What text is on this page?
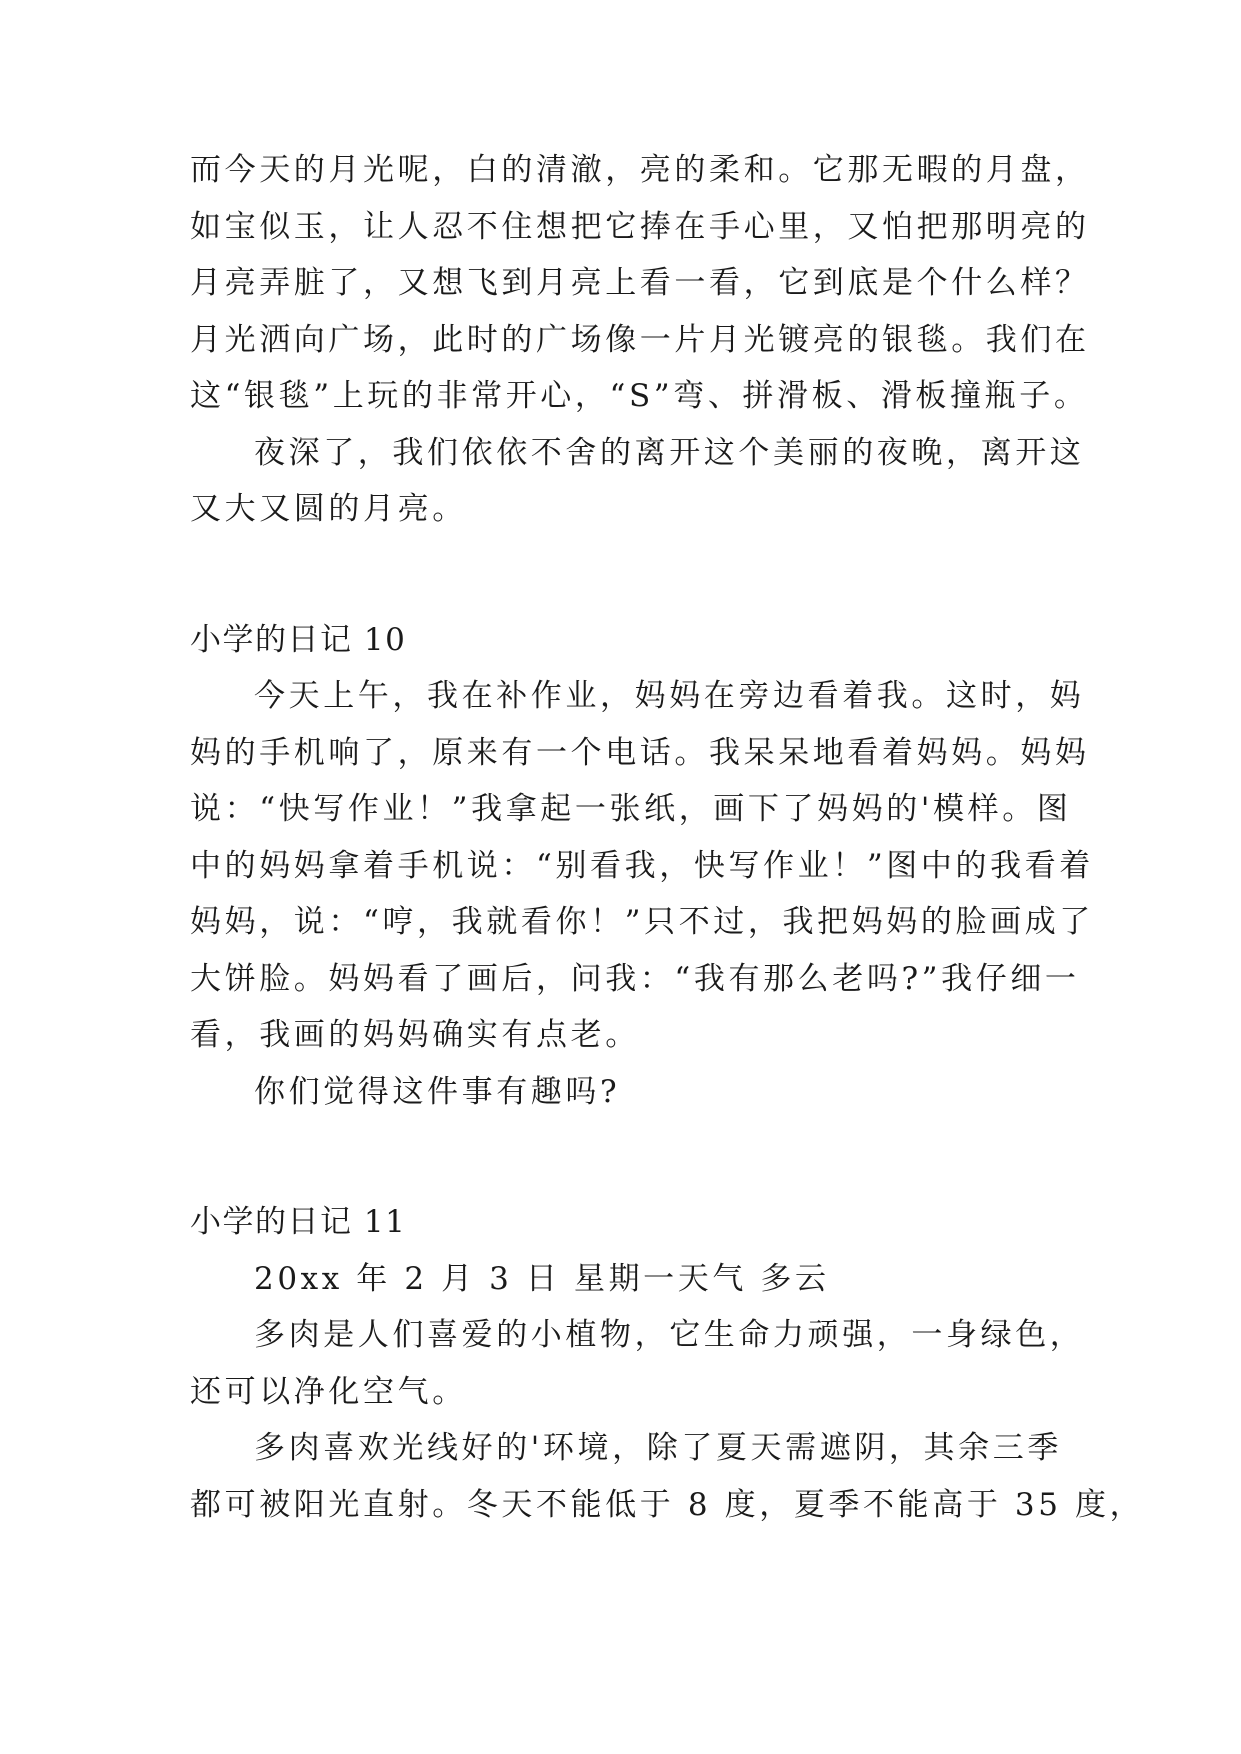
而今天的月光呢，白的清澈，亮的柔和。它那无暇的月盘，

如宝似玉，让人忍不住想把它捧在手心里，又怕把那明亮的

月亮弄脏了，又想飞到月亮上看一看，它到底是个什么样？

月光洒向广场，此时的广场像一片月光镀亮的银毯。我们在

这“银毯”上玩的非常开心，“S”弯、拼滑板、滑板撞瓶子。

夜深了，我们依依不舍的离开这个美丽的夜晚，离开这

又大又圆的月亮。

小学的日记 10

今天上午，我在补作业，妈妈在旁边看着我。这时，妈

妈的手机响了，原来有一个电话。我呆呆地看着妈妈。妈妈

说：“快写作业！”我拿起一张纸，画下了妈妈的'模样。图

中的妈妈拿着手机说：“别看我，快写作业！”图中的我看着

妈妈，说：“哼，我就看你！”只不过，我把妈妈的脸画成了

大饼脸。妈妈看了画后，问我：“我有那么老吗?”我仔细一

看，我画的妈妈确实有点老。

你们觉得这件事有趣吗?

小学的日记 11

20xx 年 2 月 3 日 星期一天气 多云

多肉是人们喜爱的小植物，它生命力顽强，一身绿色，

还可以净化空气。

多肉喜欢光线好的'环境，除了夏天需遮阴，其余三季

都可被阳光直射。冬天不能低于 8 度，夏季不能高于 35 度，
